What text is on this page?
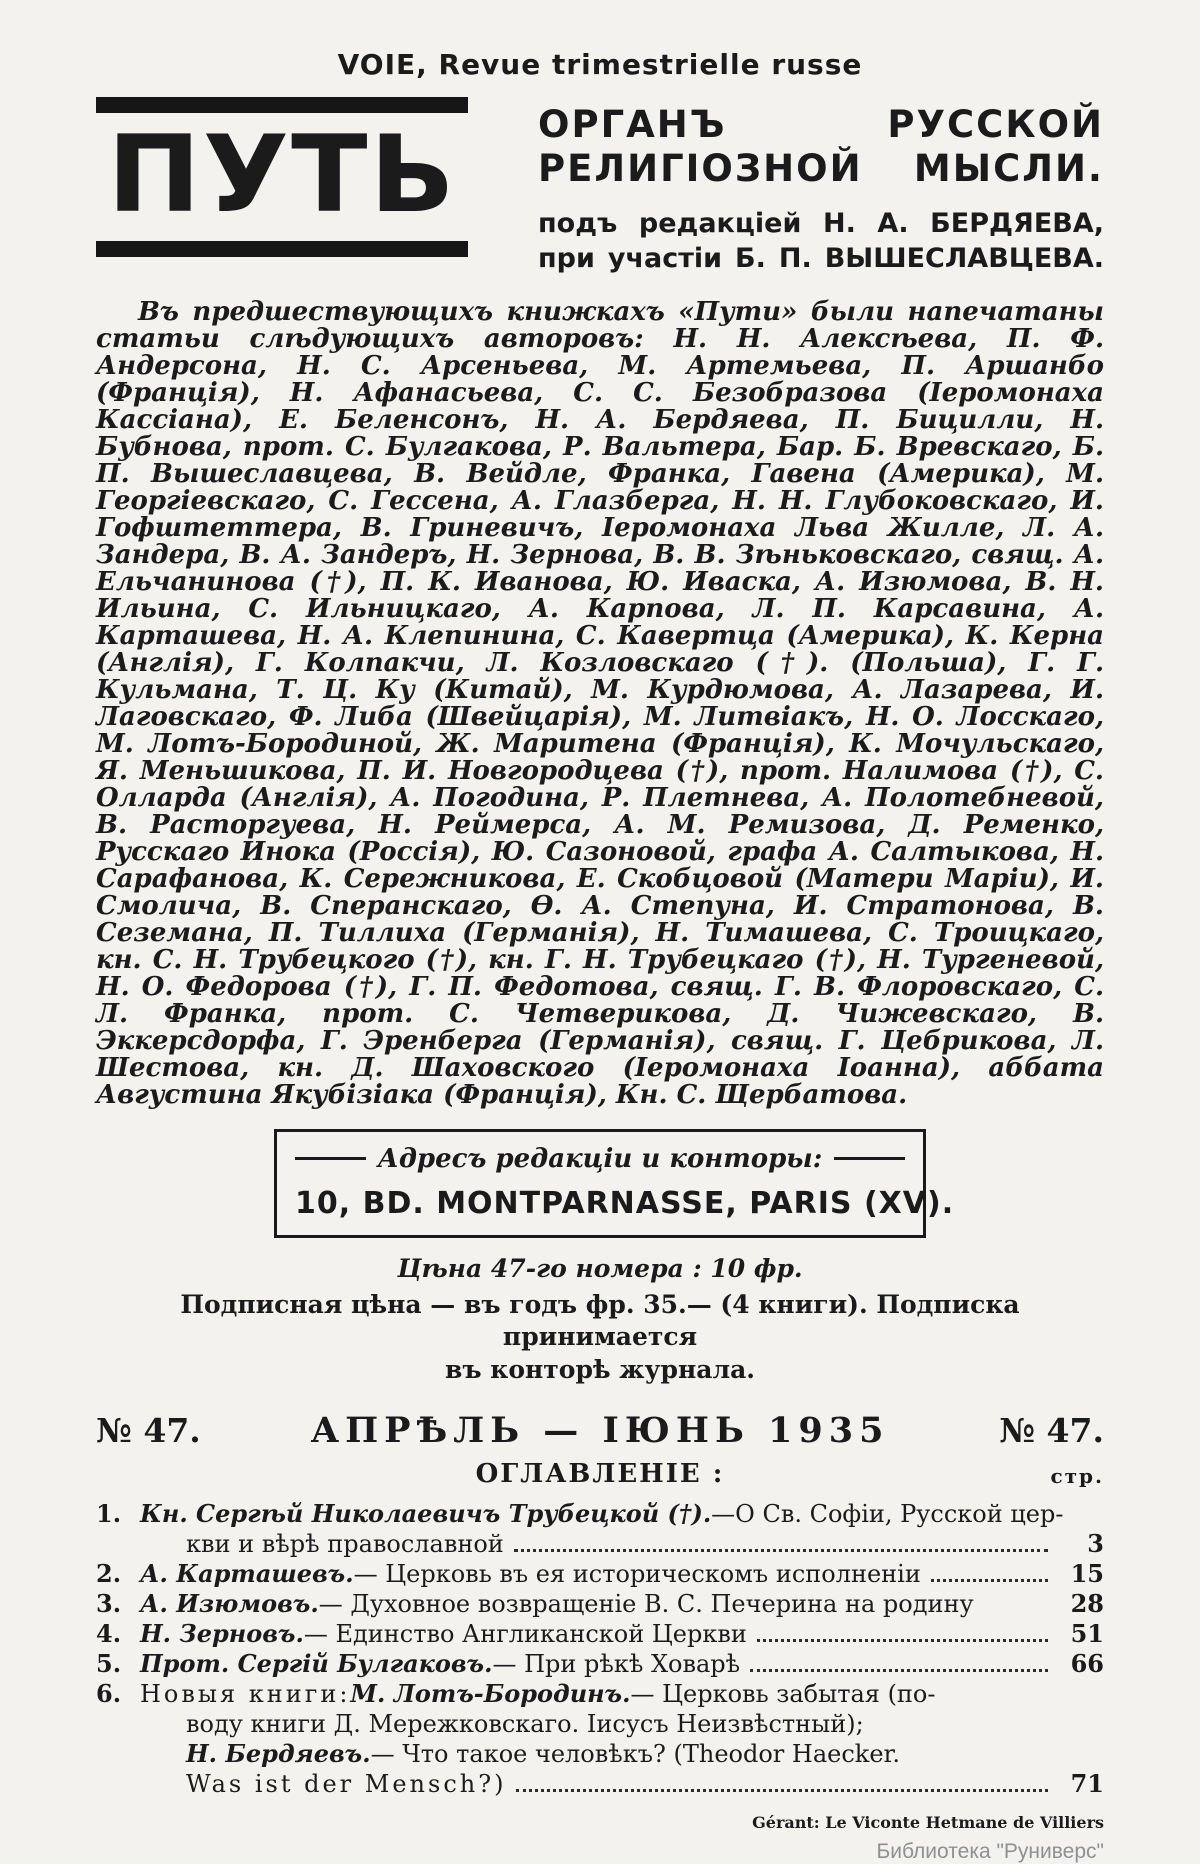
VOIE, Revue trimestrielle russe
ПУТЬ ОРГАНЪ РУССКОЙ
РЕЛИГІОЗНОЙ МЫСЛИ.
подъ редакціей Н. А. БЕРДЯЕВА,
при участіи Б. П. ВЫШЕСЛАВЦЕВА.
Въ предшествующихъ книжкахъ «Пути» были напечатаны статьи слѣдующихъ авторовъ: Н. Н. Алексѣева, П. Ф. Андерсона, Н. С. Арсеньева, М. Артемьева, П. Аршанбо (Франція), Н. Афанасьева, С. С. Безобразова (Іеромонаха Кассіана), Е. Беленсонъ, Н. А. Бердяева, П. Бицилли, Н. Бубнова, прот. С. Булгакова, Р. Вальтера, Бар. Б. Вревскаго, Б. П. Вышеславцева, В. Вейдле, Франка, Гавена (Америка), М. Георгіевскаго, С. Гессена, А. Глазберга, Н. Н. Глубоковскаго, И. Гофштеттера, В. Гриневичъ, Іеромонаха Льва Жилле, Л. А. Зандера, В. А. Зандеръ, Н. Зернова, В. В. Зѣньковскаго, свящ. А. Ельчанинова (†), П. К. Иванова, Ю. Иваска, А. Изюмова, В. Н. Ильина, С. Ильницкаго, А. Карпова, Л. П. Карсавина, А. Карташева, Н. А. Клепинина, С. Кавертца (Америка), К. Керна (Англія), Г. Колпакчи, Л. Козловскаго (†). (Польша), Г. Г. Кульмана, Т. Ц. Ку (Китай), М. Курдюмова, А. Лазарева, И. Лаговскаго, Ф. Либа (Швейцарія), М. Литвіакъ, Н. О. Лосскаго, М. Лотъ-Бородиной, Ж. Маритена (Франція), К. Мочульскаго, Я. Меньшикова, П. И. Новгородцева (†), прот. Налимова (†), С. Олларда (Англія), А. Погодина, Р. Плетнева, А. Полотебневой, В. Расторгуева, Н. Реймерса, А. М. Ремизова, Д. Ременко, Русскаго Инока (Россія), Ю. Сазоновой, графа А. Салтыкова, Н. Сарафанова, К. Сережникова, Е. Скобцовой (Матери Маріи), И. Смолича, В. Сперанскаго, Ѳ. А. Степуна, И. Стратонова, В. Сеземана, П. Тиллиха (Германія), Н. Тимашева, С. Троицкаго, кн. С. Н. Трубецкого (†), кн. Г. Н. Трубецкаго (†), Н. Тургеневой, Н. О. Федорова (†), Г. П. Федотова, свящ. Г. В. Флоровскаго, С. Л. Франка, прот. С. Четверикова, Д. Чижевскаго, В. Эккерсдорфа, Г. Эренберга (Германія), свящ. Г. Цебрикова, Л. Шестова, кн. Д. Шаховского (Іеромонаха Іоанна), аббата Августина Якубізіака (Франція), Кн. С. Щербатова.
Адресъ редакціи и конторы:
10, BD. MONTPARNASSE, PARIS (XV).
Цѣна 47-го номера : 10 фр.
Подписная цѣна — въ годъ фр. 35.— (4 книги). Подписка принимается
въ конторѣ журнала.
№ 47.	АПРѢЛЬ — ІЮНЬ 1935	№ 47.
ОГЛАВЛЕНІЕ :	стр.
1. Кн. Сергѣй Николаевичъ Трубецкой (†). —О Св. Софіи, Русской цер-
кви и вѣрѣ православной	3
2. А. Карташевъ. — Церковь въ ея историческомъ исполненіи	15
3. А. Изюмовъ. — Духовное возвращеніе В. С. Печерина на родину	28
4. Н. Зерновъ. — Единство Англиканской Церкви	51
5. Прот. Сергій Булгаковъ. — При рѣкѣ Ховарѣ	66
6. Новыя книги: М. Лотъ-Бородинъ. — Церковь забытая (по-
воду книги Д. Мережковскаго. Іисусъ Неизвѣстный);
Н. Бердяевъ. — Что такое человѣкъ? (Theodor Haecker.
Was ist der Mensch?)	71
Gérant: Le Viconte Hetmane de Villiers
Библиотека "Руниверс"
